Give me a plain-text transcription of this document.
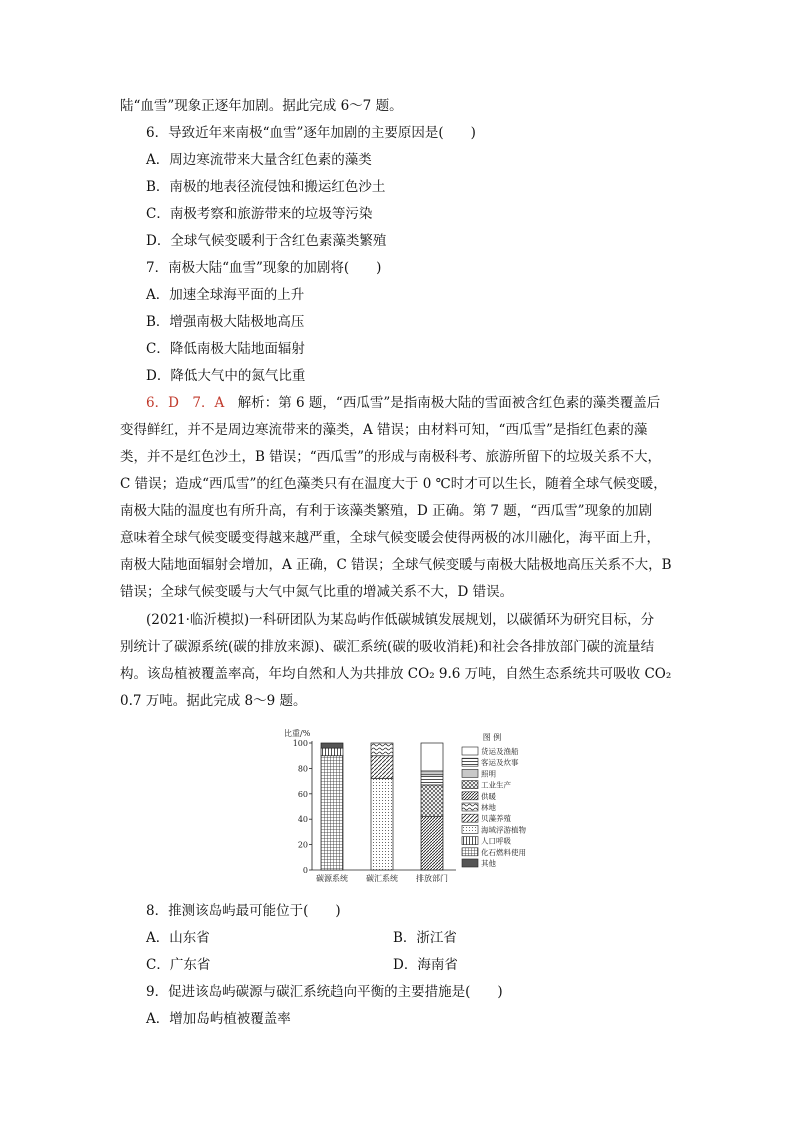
陆“血雪”现象正逐年加剧。据此完成 6～7 题。
6．导致近年来南极“血雪”逐年加剧的主要原因是(　　)
A．周边寒流带来大量含红色素的藻类
B．南极的地表径流侵蚀和搬运红色沙土
C．南极考察和旅游带来的垃圾等污染
D．全球气候变暖利于含红色素藻类繁殖
7．南极大陆“血雪”现象的加剧将(　　)
A．加速全球海平面的上升
B．增强南极大陆极地高压
C．降低南极大陆地面辐射
D．降低大气中的氮气比重
6．D　7．A　 解析：第 6 题，“西瓜雪”是指南极大陆的雪面被含红色素的藻类覆盖后
变得鲜红，并不是周边寒流带来的藻类，A 错误；由材料可知，“西瓜雪”是指红色素的藻
类，并不是红色沙土，B 错误；“西瓜雪”的形成与南极科考、旅游所留下的垃圾关系不大，
C 错误；造成“西瓜雪”的红色藻类只有在温度大于 0 ℃时才可以生长，随着全球气候变暖，
南极大陆的温度也有所升高，有利于该藻类繁殖，D 正确。第 7 题，“西瓜雪”现象的加剧
意味着全球气候变暖变得越来越严重，全球气候变暖会使得两极的冰川融化，海平面上升，
南极大陆地面辐射会增加，A 正确，C 错误；全球气候变暖与南极大陆极地高压关系不大，B
错误；全球气候变暖与大气中氮气比重的增减关系不大，D 错误。
(2021·临沂模拟)一科研团队为某岛屿作低碳城镇发展规划，以碳循环为研究目标，分
别统计了碳源系统(碳的排放来源)、碳汇系统(碳的吸收消耗)和社会各排放部门碳的流量结
构。该岛植被覆盖率高，年均自然和人为共排放 CO₂ 9.6 万吨，自然生态系统共可吸收 CO₂
0.7 万吨。据此完成 8～9 题。
比重/%
0
20
40
60
80
100
碳源系统 碳汇系统 排放部门
图 例
货运及渔船
客运及炊事
照明
工业生产
供暖
林地
贝藻养殖
海域浮游植物
人口呼吸
化石燃料使用
其他
8．推测该岛屿最可能位于(　　)
A．山东省	B．浙江省
C．广东省	D．海南省
9．促进该岛屿碳源与碳汇系统趋向平衡的主要措施是(　　)
A．增加岛屿植被覆盖率
